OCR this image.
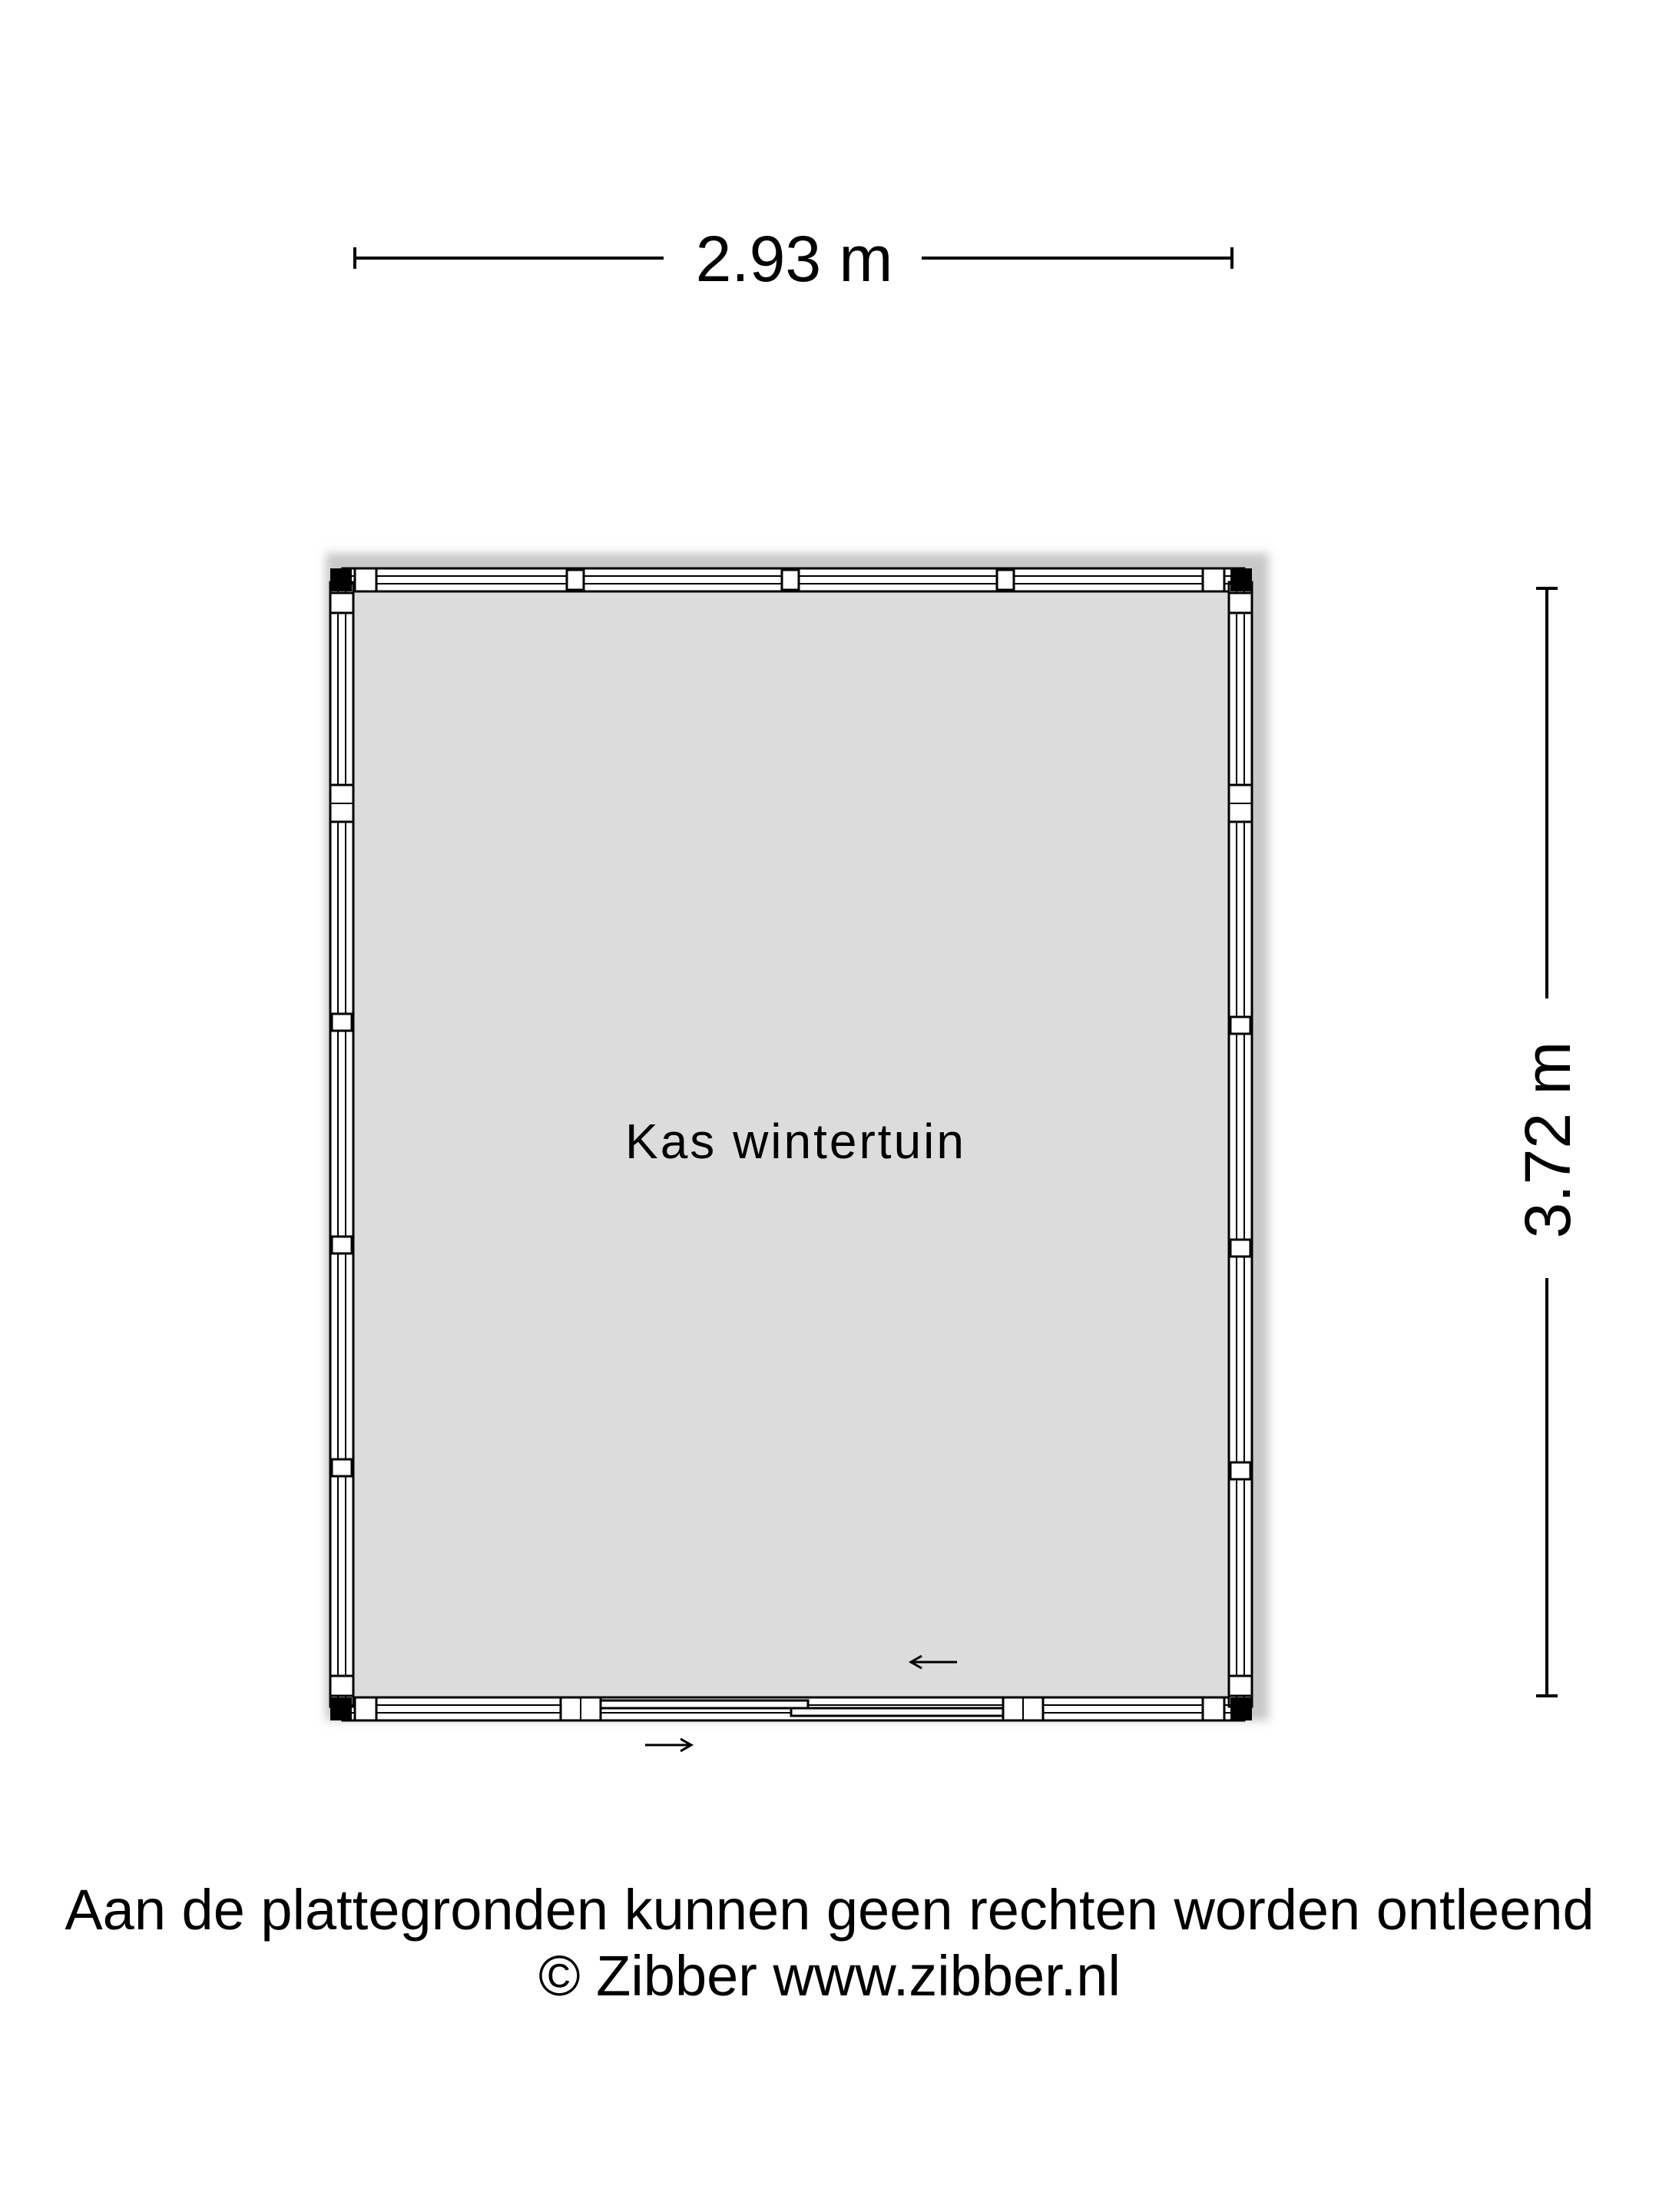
2.93 m
3.72 m
Kas wintertuin
Aan de plattegronden kunnen geen rechten worden ontleend
© Zibber www.zibber.nl
